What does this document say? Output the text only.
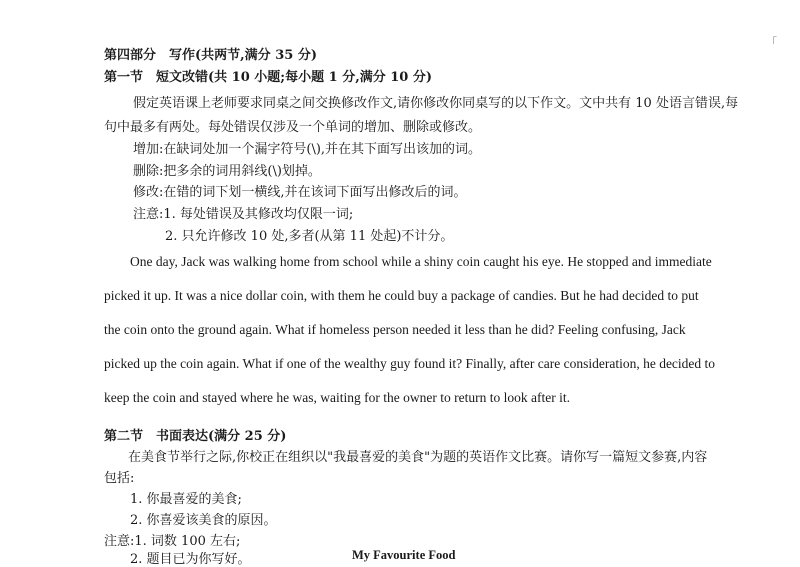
「
第四部分　写作(共两节,满分 35 分)
第一节　短文改错(共 10 小题;每小题 1 分,满分 10 分)
假定英语课上老师要求同桌之间交换修改作文,请你修改你同桌写的以下作文。文中共有 10 处语言错误,每
句中最多有两处。每处错误仅涉及一个单词的增加、删除或修改。
增加:在缺词处加一个漏字符号(\),并在其下面写出该加的词。
删除:把多余的词用斜线(\)划掉。
修改:在错的词下划一横线,并在该词下面写出修改后的词。
注意:1. 每处错误及其修改均仅限一词;
2. 只允许修改 10 处,多者(从第 11 处起)不计分。
One day, Jack was walking home from school while a shiny coin caught his eye. He stopped and immediate
picked it up. It was a nice dollar coin, with them he could buy a package of candies. But he had decided to put
the coin onto the ground again. What if homeless person needed it less than he did? Feeling confusing, Jack
picked up the coin again. What if one of the wealthy guy found it? Finally, after care consideration, he decided to
keep the coin and stayed where he was, waiting for the owner to return to look after it.
第二节　书面表达(满分 25 分)
在美食节举行之际,你校正在组织以"我最喜爱的美食"为题的英语作文比赛。请你写一篇短文参赛,内容
包括:
1. 你最喜爱的美食;
2. 你喜爱该美食的原因。
注意:1. 词数 100 左右;
2. 题目已为你写好。	My Favourite Food
